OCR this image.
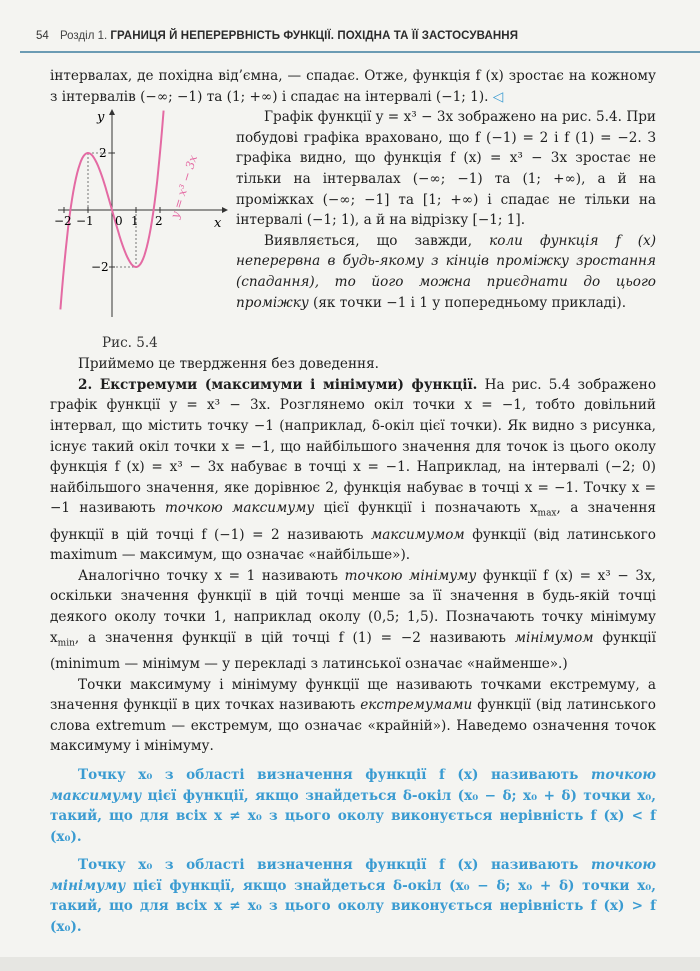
54 Розділ 1. ГРАНИЦЯ Й НЕПЕРЕРВНІСТЬ ФУНКЦІЇ. ПОХІДНА ТА ЇЇ ЗАСТОСУВАННЯ

інтервалах, де похідна від’ємна, — спадає. Отже, функція f (x) зростає на кожному з інтервалів (−∞; −1) та (1; +∞) і спадає на інтервалі (−1; 1). ◁

y
x
0
−2 −1	1 2
2
−2
y = x³ − 3x
Рис. 5.4

Графік функції y = x³ − 3x зображено на рис. 5.4. При побудові графіка враховано, що f (−1) = 2 і f (1) = −2. З графіка видно, що функція f (x) = x³ − 3x зростає не тільки на інтервалах (−∞; −1) та (1; +∞), а й на проміжках (−∞; −1] та [1; +∞) і спадає не тільки на інтервалі (−1; 1), а й на відрізку [−1; 1].

Виявляється, що завжди, коли функція f (x) неперервна в будь-якому з кінців проміжку зростання (спадання), то його можна приєднати до цього проміжку (як точки −1 і 1 у попередньому прикладі).

Приймемо це твердження без доведення.

2. Екстремуми (максимуми і мінімуми) функції. На рис. 5.4 зображено графік функції y = x³ − 3x. Розглянемо окіл точки x = −1, тобто довільний інтервал, що містить точку −1 (наприклад, δ-окіл цієї точки). Як видно з рисунка, існує такий окіл точки x = −1, що найбільшого значення для точок із цього околу функція f (x) = x³ − 3x набуває в точці x = −1. Наприклад, на інтервалі (−2; 0) найбільшого значення, яке дорівнює 2, функція набуває в точці x = −1. Точку x = −1 називають точкою максимуму цієї функції і позначають $x_{max}$, а значення функції в цій точці f (−1) = 2 називають максимумом функції (від латинського maximum — максимум, що означає «найбільше»).

Аналогічно точку x = 1 називають точкою мінімуму функції f (x) = x³ − 3x, оскільки значення функції в цій точці менше за її значення в будь-якій точці деякого околу точки 1, наприклад околу (0,5; 1,5). Позначають точку мінімуму $x_{min}$, а значення функції в цій точці f (1) = −2 називають мінімумом функції (minimum — мінімум — у перекладі з латинської означає «найменше».)

Точки максимуму і мінімуму функції ще називають точками екстремуму, а значення функції в цих точках називають екстремумами функції (від латинського слова extremum — екстремум, що означає «крайній»). Наведемо означення точок максимуму і мінімуму.

Точку x₀ з області визначення функції f (x) називають точкою максимуму цієї функції, якщо знайдеться δ-окіл (x₀ − δ; x₀ + δ) точки x₀, такий, що для всіх x ≠ x₀ з цього околу виконується нерівність f (x) < f (x₀).

Точку x₀ з області визначення функції f (x) називають точкою мінімуму цієї функції, якщо знайдеться δ-окіл (x₀ − δ; x₀ + δ) точки x₀, такий, що для всіх x ≠ x₀ з цього околу виконується нерівність f (x) > f (x₀).
